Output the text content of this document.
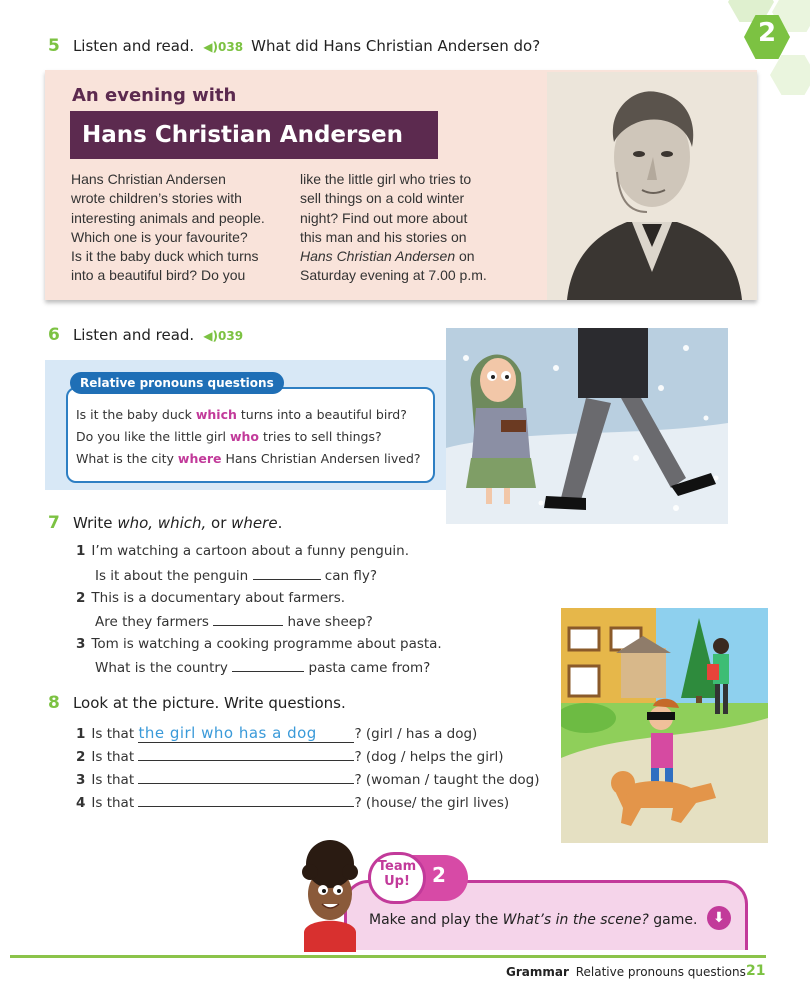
2
5 Listen and read. ◀)038 What did Hans Christian Andersen do?
An evening with
Hans Christian Andersen

Hans Christian Andersen

wrote children’s stories with

interesting animals and people.

Which one is your favourite?

Is it the baby duck which turns

into a beautiful bird? Do you

like the little girl who tries to

sell things on a cold winter

night? Find out more about

this man and his stories on

Hans Christian Andersen on

Saturday evening at 7.00 p.m.

6 Listen and read. ◀)039
Relative pronouns questions
Is it the baby duck which turns into a beautiful bird?
Do you like the little girl who tries to sell things?
What is the city where Hans Christian Andersen lived?
7 Write who, which, or where.
1 I’m watching a cartoon about a funny penguin.
Is it about the penguin	can fly?
2 This is a documentary about farmers.
Are they farmers	have sheep?
3 Tom is watching a cooking programme about pasta.
What is the country	pasta came from?
8 Look at the picture. Write questions.
1 Is that the girl who has a dog	? (girl / has a dog)
2 Is that	? (dog / helps the girl)
3 Is that	? (woman / taught the dog)
4 Is that	? (house/ the girl lives)
Team
Up!	2
Make and play the What’s in the scene? game.	⬇
Grammar Relative pronouns questions 21
